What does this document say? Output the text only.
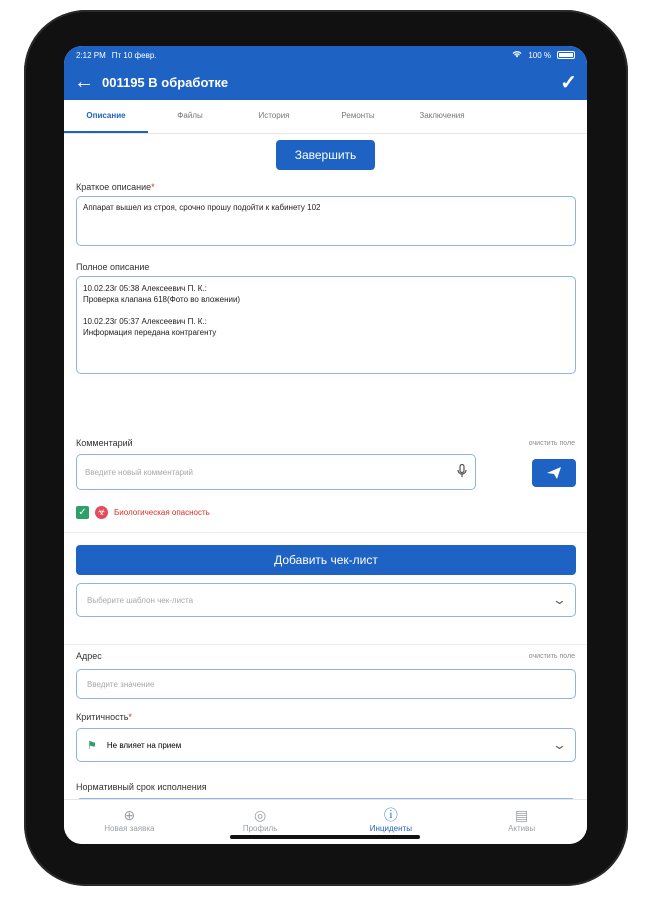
2:12 PM Пт 10 февр.	100 %
← 001195 В обработке	✓
Описание	Файлы	История	Ремонты	Заключения
Завершить
Краткое описание*
Аппарат вышел из строя, срочно прошу подойти к кабинету 102
Полное описание
10.02.23г 05:38 Алексеевич П. К.:
Проверка клапана 618(Фото во вложении)
10.02.23г 05:37 Алексеевич П. К.:
Информация передана контрагенту
Комментарий	очистить поле
Введите новый комментарий
✓ ☣	Биологическая опасность
Добавить чек-лист
Выберите шаблон чек-листа	⌄
Адрес	очистить поле
Введите значение
Критичность*
⚑ Не влияет на прием	⌄
Нормативный срок исполнения
⊕
Новая заявка
◎
Профиль
ⓘ
Инциденты
▤
Активы
